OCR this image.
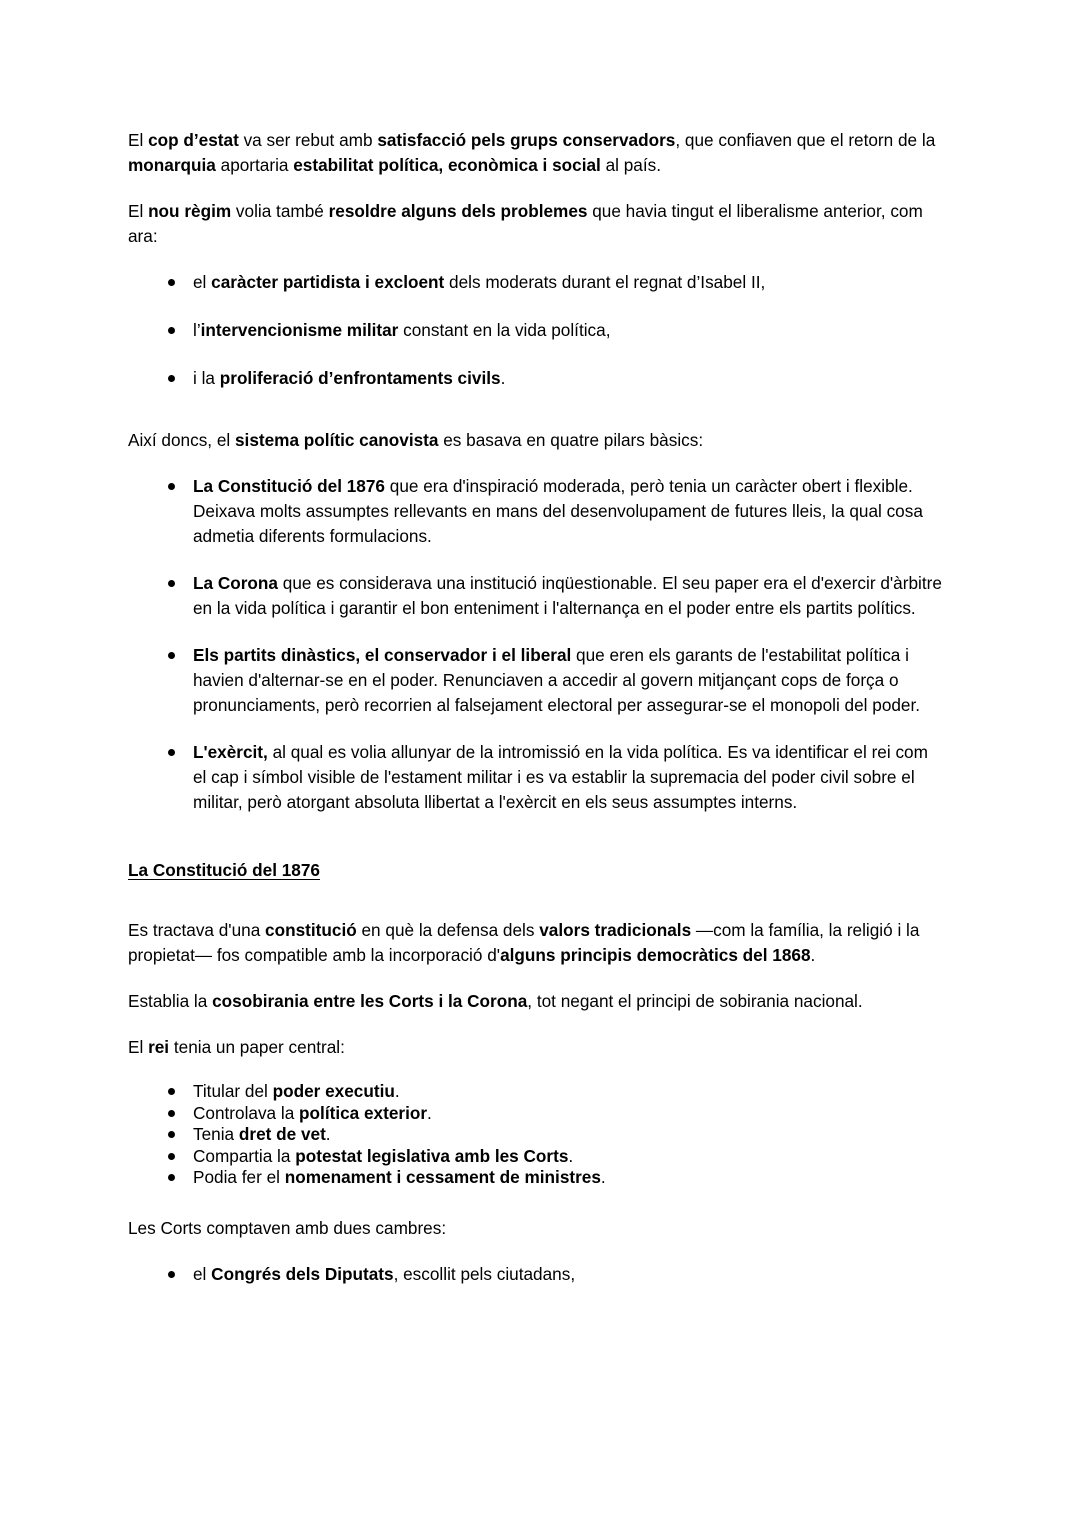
El cop d’estat va ser rebut amb satisfacció pels grups conservadors, que confiaven que el retorn de la monarquia aportaria estabilitat política, econòmica i social al país.

El nou règim volia també resoldre alguns dels problemes que havia tingut el liberalisme anterior, com ara:

el caràcter partidista i excloent dels moderats durant el regnat d’Isabel II,
l’intervencionisme militar constant en la vida política,
i la proliferació d’enfrontaments civils.

Així doncs, el sistema polític canovista es basava en quatre pilars bàsics:

La Constitució del 1876 que era d'inspiració moderada, però tenia un caràcter obert i flexible. Deixava molts assumptes rellevants en mans del desenvolupament de futures lleis, la qual cosa admetia diferents formulacions.
La Corona que es considerava una institució inqüestionable. El seu paper era el d'exercir d'àrbitre en la vida política i garantir el bon enteniment i l'alternança en el poder entre els partits polítics.
Els partits dinàstics, el conservador i el liberal que eren els garants de l'estabilitat política i havien d'alternar-se en el poder. Renunciaven a accedir al govern mitjançant cops de força o pronunciaments, però recorrien al falsejament electoral per assegurar-se el monopoli del poder.
L'exèrcit, al qual es volia allunyar de la intromissió en la vida política. Es va identificar el rei com el cap i símbol visible de l'estament militar i es va establir la supremacia del poder civil sobre el militar, però atorgant absoluta llibertat a l'exèrcit en els seus assumptes interns.
La Constitució del 1876

Es tractava d'una constitució en què la defensa dels valors tradicionals —com la família, la religió i la propietat— fos compatible amb la incorporació d'alguns principis democràtics del 1868.

Establia la cosobirania entre les Corts i la Corona, tot negant el principi de sobirania nacional.

El rei tenia un paper central:

Titular del poder executiu.
Controlava la política exterior.
Tenia dret de vet.
Compartia la potestat legislativa amb les Corts.
Podia fer el nomenament i cessament de ministres.

Les Corts comptaven amb dues cambres:

el Congrés dels Diputats, escollit pels ciutadans,
